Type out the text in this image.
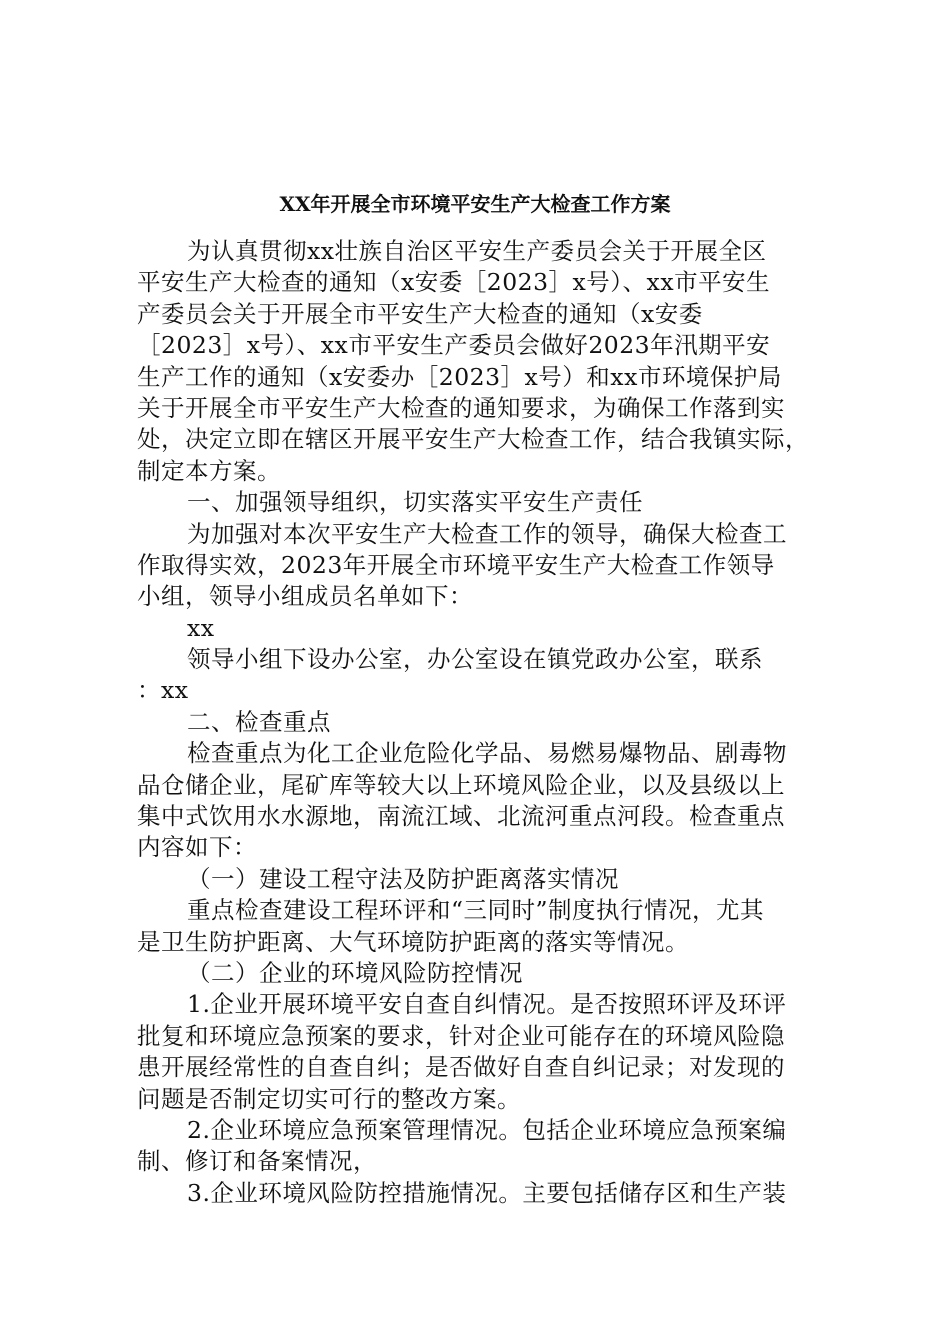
XX年开展全市环境平安生产大检查工作方案
为认真贯彻xx壮族自治区平安生产委员会关于开展全区
平安生产大检查的通知（x安委［2023］x号）、xx市平安生
产委员会关于开展全市平安生产大检查的通知（x安委
［2023］x号）、xx市平安生产委员会做好2023年汛期平安
生产工作的通知（x安委办［2023］x号）和xx市环境保护局
关于开展全市平安生产大检查的通知要求，为确保工作落到实
处，决定立即在辖区开展平安生产大检查工作，结合我镇实际，
制定本方案。
一、加强领导组织，切实落实平安生产责任
为加强对本次平安生产大检查工作的领导，确保大检查工
作取得实效，2023年开展全市环境平安生产大检查工作领导
小组，领导小组成员名单如下：
xx
领导小组下设办公室，办公室设在镇党政办公室，联系
：xx
二、检查重点
检查重点为化工企业危险化学品、易燃易爆物品、剧毒物
品仓储企业，尾矿库等较大以上环境风险企业，以及县级以上
集中式饮用水水源地，南流江域、北流河重点河段。检查重点
内容如下：
（一）建设工程守法及防护距离落实情况
重点检查建设工程环评和“三同时”制度执行情况，尤其
是卫生防护距离、大气环境防护距离的落实等情况。
（二）企业的环境风险防控情况
1.企业开展环境平安自查自纠情况。是否按照环评及环评
批复和环境应急预案的要求，针对企业可能存在的环境风险隐
患开展经常性的自查自纠；是否做好自查自纠记录；对发现的
问题是否制定切实可行的整改方案。
2.企业环境应急预案管理情况。包括企业环境应急预案编
制、修订和备案情况，
3.企业环境风险防控措施情况。主要包括储存区和生产装
